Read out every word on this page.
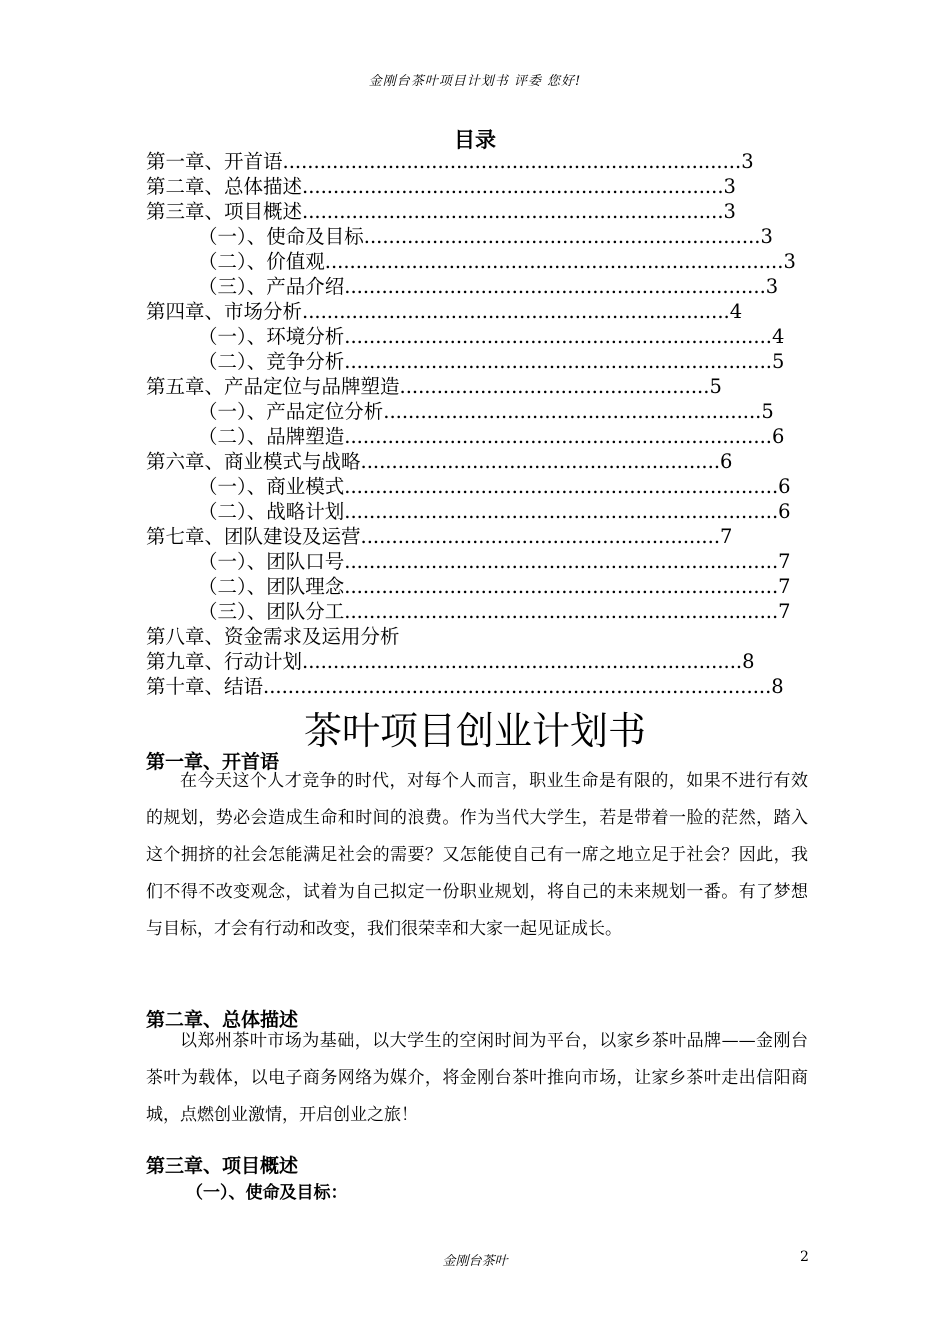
金刚台茶叶项目计划书 评委 您好!
目录
第一章、开首语..........................................................................3
第二章、总体描述....................................................................3
第三章、项目概述....................................................................3
（一）、使命及目标................................................................3
（二）、价值观..........................................................................3
（三）、产品介绍....................................................................3
第四章、市场分析.....................................................................4
（一）、环境分析.....................................................................4
（二）、竞争分析.....................................................................5
第五章、产品定位与品牌塑造..................................................5
（一）、产品定位分析.............................................................5
（二）、品牌塑造.....................................................................6
第六章、商业模式与战略..........................................................6
（一）、商业模式......................................................................6
（二）、战略计划......................................................................6
第七章、团队建设及运营..........................................................7
（一）、团队口号......................................................................7
（二）、团队理念......................................................................7
（三）、团队分工......................................................................7
第八章、资金需求及运用分析
第九章、行动计划.......................................................................8
第十章、结语..................................................................................8
茶叶项目创业计划书
第一章、开首语
在今天这个人才竞争的时代，对每个人而言，职业生命是有限的，如果不进行有效的规划，势必会造成生命和时间的浪费。作为当代大学生，若是带着一脸的茫然，踏入这个拥挤的社会怎能满足社会的需要？又怎能使自己有一席之地立足于社会？因此，我们不得不改变观念，试着为自己拟定一份职业规划，将自己的未来规划一番。有了梦想与目标，才会有行动和改变，我们很荣幸和大家一起见证成长。
第二章、总体描述
以郑州茶叶市场为基础，以大学生的空闲时间为平台，以家乡茶叶品牌——金刚台茶叶为载体，以电子商务网络为媒介，将金刚台茶叶推向市场，让家乡茶叶走出信阳商城，点燃创业激情，开启创业之旅！
第三章、项目概述
（一）、使命及目标：
金刚台茶叶	2
